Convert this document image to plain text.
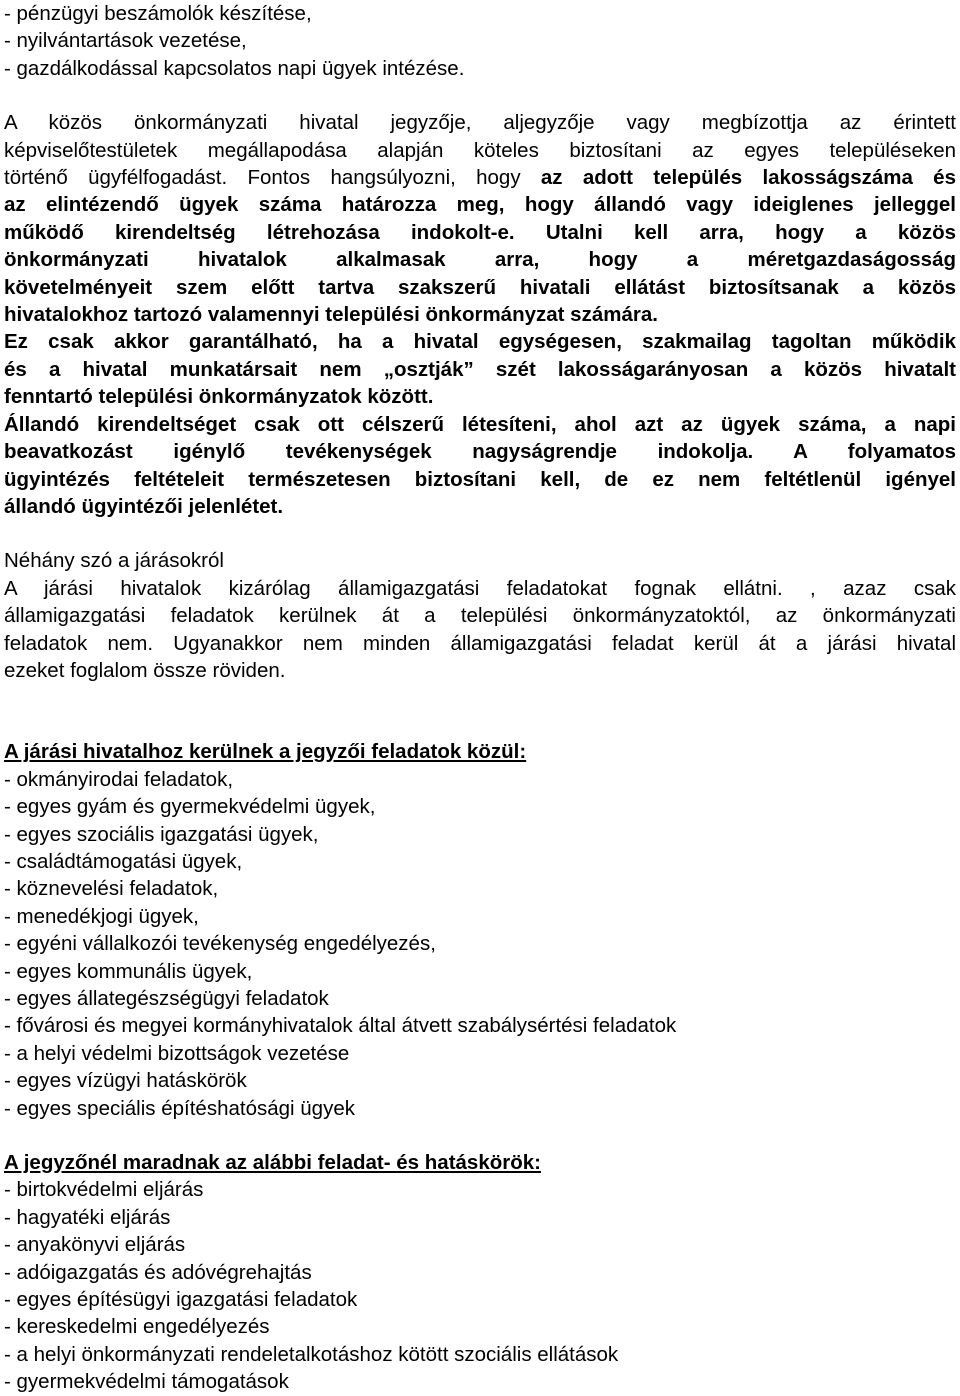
- pénzügyi beszámolók készítése,
- nyilvántartások vezetése,
- gazdálkodással kapcsolatos napi ügyek intézése.
A közös önkormányzati hivatal jegyzője, aljegyzője vagy megbízottja az érintett
képviselőtestületek megállapodása alapján köteles biztosítani az egyes településeken
történő ügyfélfogadást. Fontos hangsúlyozni, hogy az adott település lakosságszáma és
az elintézendő ügyek száma határozza meg, hogy állandó vagy ideiglenes jelleggel
működő kirendeltség létrehozása indokolt-e. Utalni kell arra, hogy a közös
önkormányzati hivatalok alkalmasak arra, hogy a méretgazdaságosság
követelményeit szem előtt tartva szakszerű hivatali ellátást biztosítsanak a közös
hivatalokhoz tartozó valamennyi települési önkormányzat számára.
Ez csak akkor garantálható, ha a hivatal egységesen, szakmailag tagoltan működik
és a hivatal munkatársait nem „osztják” szét lakosságarányosan a közös hivatalt
fenntartó települési önkormányzatok között.
Állandó kirendeltséget csak ott célszerű létesíteni, ahol azt az ügyek száma, a napi
beavatkozást igénylő tevékenységek nagyságrendje indokolja. A folyamatos
ügyintézés feltételeit természetesen biztosítani kell, de ez nem feltétlenül igényel
állandó ügyintézői jelenlétet.
Néhány szó a járásokról
A járási hivatalok kizárólag államigazgatási feladatokat fognak ellátni. , azaz csak
államigazgatási feladatok kerülnek át a települési önkormányzatoktól, az önkormányzati
feladatok nem. Ugyanakkor nem minden államigazgatási feladat kerül át a járási hivatal
ezeket foglalom össze röviden.
A járási hivatalhoz kerülnek a jegyzői feladatok közül:
- okmányirodai feladatok,
- egyes gyám és gyermekvédelmi ügyek,
- egyes szociális igazgatási ügyek,
- családtámogatási ügyek,
- köznevelési feladatok,
- menedékjogi ügyek,
- egyéni vállalkozói tevékenység engedélyezés,
- egyes kommunális ügyek,
- egyes állategészségügyi feladatok
- fővárosi és megyei kormányhivatalok által átvett szabálysértési feladatok
- a helyi védelmi bizottságok vezetése
- egyes vízügyi hatáskörök
- egyes speciális építéshatósági ügyek
A jegyzőnél maradnak az alábbi feladat- és hatáskörök:
- birtokvédelmi eljárás
- hagyatéki eljárás
- anyakönyvi eljárás
- adóigazgatás és adóvégrehajtás
- egyes építésügyi igazgatási feladatok
- kereskedelmi engedélyezés
- a helyi önkormányzati rendeletalkotáshoz kötött szociális ellátások
- gyermekvédelmi támogatások
